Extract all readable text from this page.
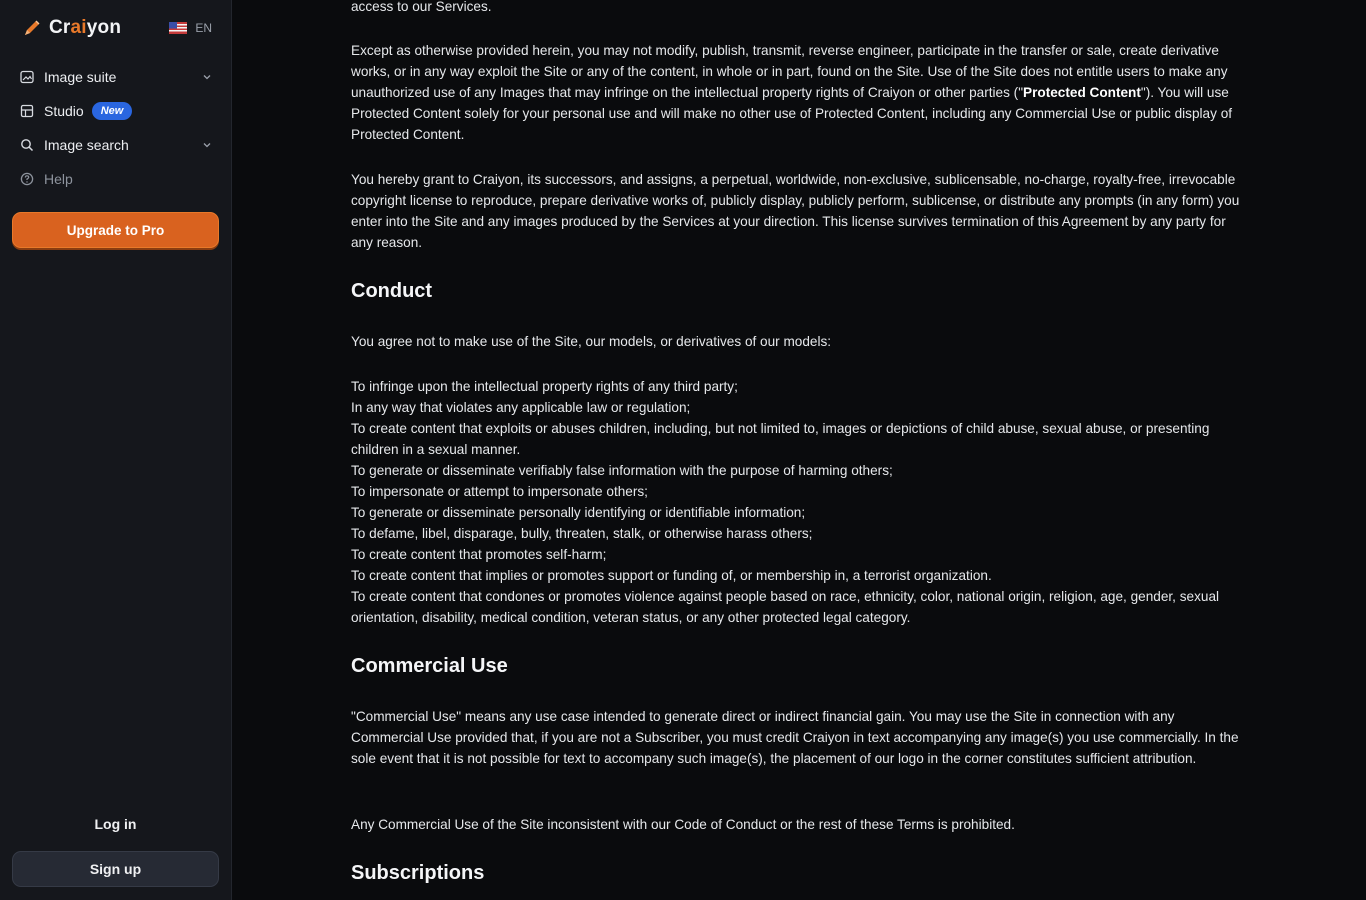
Craiyon	EN
Image suite
Studio	New
Image search
Help
Upgrade to Pro
Log in
Sign up
access to our Services.
Except as otherwise provided herein, you may not modify, publish, transmit, reverse engineer, participate in the transfer or sale, create derivative works, or in any way exploit the Site or any of the content, in whole or in part, found on the Site. Use of the Site does not entitle users to make any unauthorized use of any Images that may infringe on the intellectual property rights of Craiyon or other parties ("Protected Content"). You will use Protected Content solely for your personal use and will make no other use of Protected Content, including any Commercial Use or public display of Protected Content.
You hereby grant to Craiyon, its successors, and assigns, a perpetual, worldwide, non-exclusive, sublicensable, no-charge, royalty-free, irrevocable copyright license to reproduce, prepare derivative works of, publicly display, publicly perform, sublicense, or distribute any prompts (in any form) you enter into the Site and any images produced by the Services at your direction. This license survives termination of this Agreement by any party for any reason.
Conduct
You agree not to make use of the Site, our models, or derivatives of our models:
To infringe upon the intellectual property rights of any third party;
In any way that violates any applicable law or regulation;
To create content that exploits or abuses children, including, but not limited to, images or depictions of child abuse, sexual abuse, or presenting children in a sexual manner.
To generate or disseminate verifiably false information with the purpose of harming others;
To impersonate or attempt to impersonate others;
To generate or disseminate personally identifying or identifiable information;
To defame, libel, disparage, bully, threaten, stalk, or otherwise harass others;
To create content that promotes self-harm;
To create content that implies or promotes support or funding of, or membership in, a terrorist organization.
To create content that condones or promotes violence against people based on race, ethnicity, color, national origin, religion, age, gender, sexual orientation, disability, medical condition, veteran status, or any other protected legal category.
Commercial Use
"Commercial Use" means any use case intended to generate direct or indirect financial gain. You may use the Site in connection with any Commercial Use provided that, if you are not a Subscriber, you must credit Craiyon in text accompanying any image(s) you use commercially. In the sole event that it is not possible for text to accompany such image(s), the placement of our logo in the corner constitutes sufficient attribution.
Any Commercial Use of the Site inconsistent with our Code of Conduct or the rest of these Terms is prohibited.
Subscriptions
